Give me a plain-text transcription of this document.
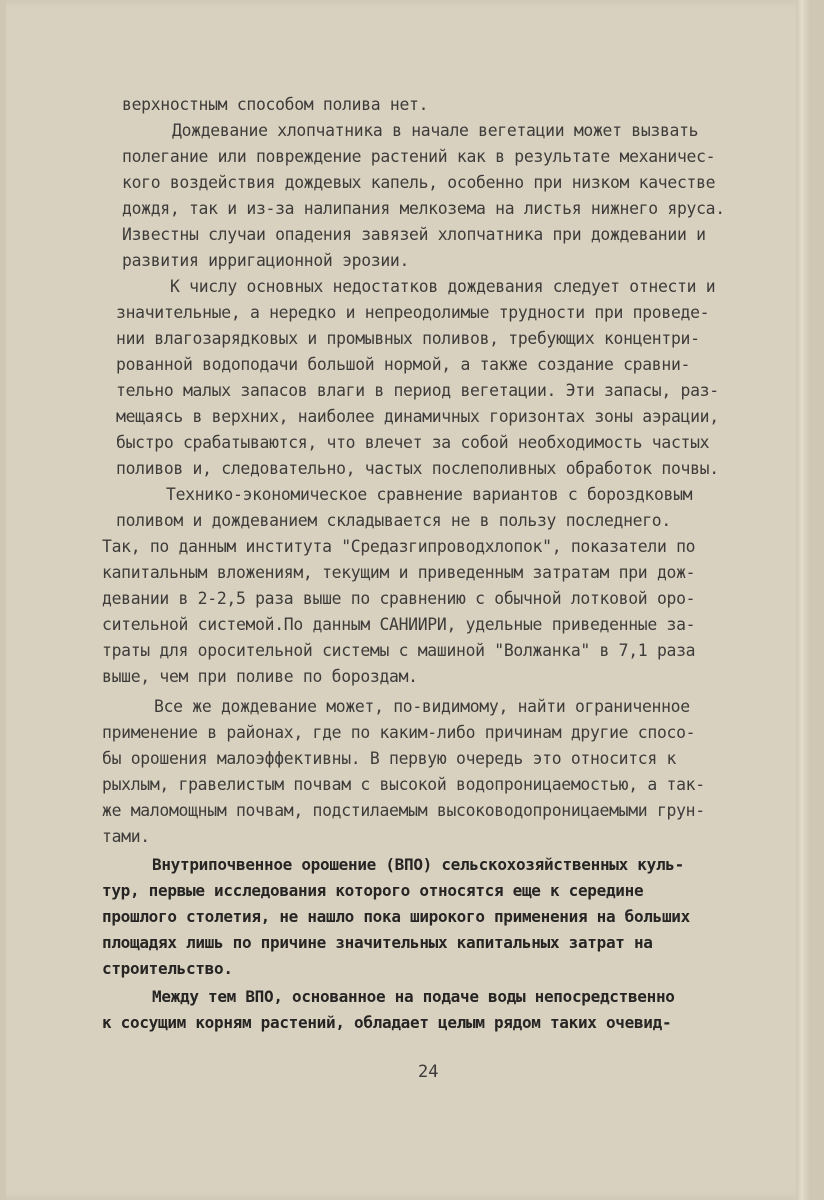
верхностным способом полива нет.
Дождевание хлопчатника в начале вегетации может вызвать
полегание или повреждение растений как в результате механичес-
кого воздействия дождевых капель, особенно при низком качестве
дождя, так и из-за налипания мелкозема на листья нижнего яруса.
Известны случаи опадения завязей хлопчатника при дождевании и
развития ирригационной эрозии.
К числу основных недостатков дождевания следует отнести и
значительные, а нередко и непреодолимые трудности при проведе-
нии влагозарядковых и промывных поливов, требующих концентри-
рованной водоподачи большой нормой, а также создание сравни-
тельно малых запасов влаги в период вегетации. Эти запасы, раз-
мещаясь в верхних, наиболее динамичных горизонтах зоны аэрации,
быстро срабатываются, что влечет за собой необходимость частых
поливов и, следовательно, частых послеполивных обработок почвы.
Технико-экономическое сравнение вариантов с бороздковым
поливом и дождеванием складывается не в пользу последнего.
Так, по данным института "Средазгипроводхлопок", показатели по
капитальным вложениям, текущим и приведенным затратам при дож-
девании в 2-2,5 раза выше по сравнению с обычной лотковой оро-
сительной системой.По данным САНИИРИ, удельные приведенные за-
траты для оросительной системы с машиной "Волжанка" в 7,1 раза
выше, чем при поливе по бороздам.
Все же дождевание может, по-видимому, найти ограниченное
применение в районах, где по каким-либо причинам другие спосо-
бы орошения малоэффективны. В первую очередь это относится к
рыхлым, гравелистым почвам с высокой водопроницаемостью, а так-
же маломощным почвам, подстилаемым высоководопроницаемыми грун-
тами.
Внутрипочвенное орошение (ВПО) сельскохозяйственных куль-
тур, первые исследования которого относятся еще к середине
прошлого столетия, не нашло пока широкого применения на больших
площадях лишь по причине значительных капитальных затрат на
строительство.
Между тем ВПО, основанное на подаче воды непосредственно
к сосущим корням растений, обладает целым рядом таких очевид-
24
